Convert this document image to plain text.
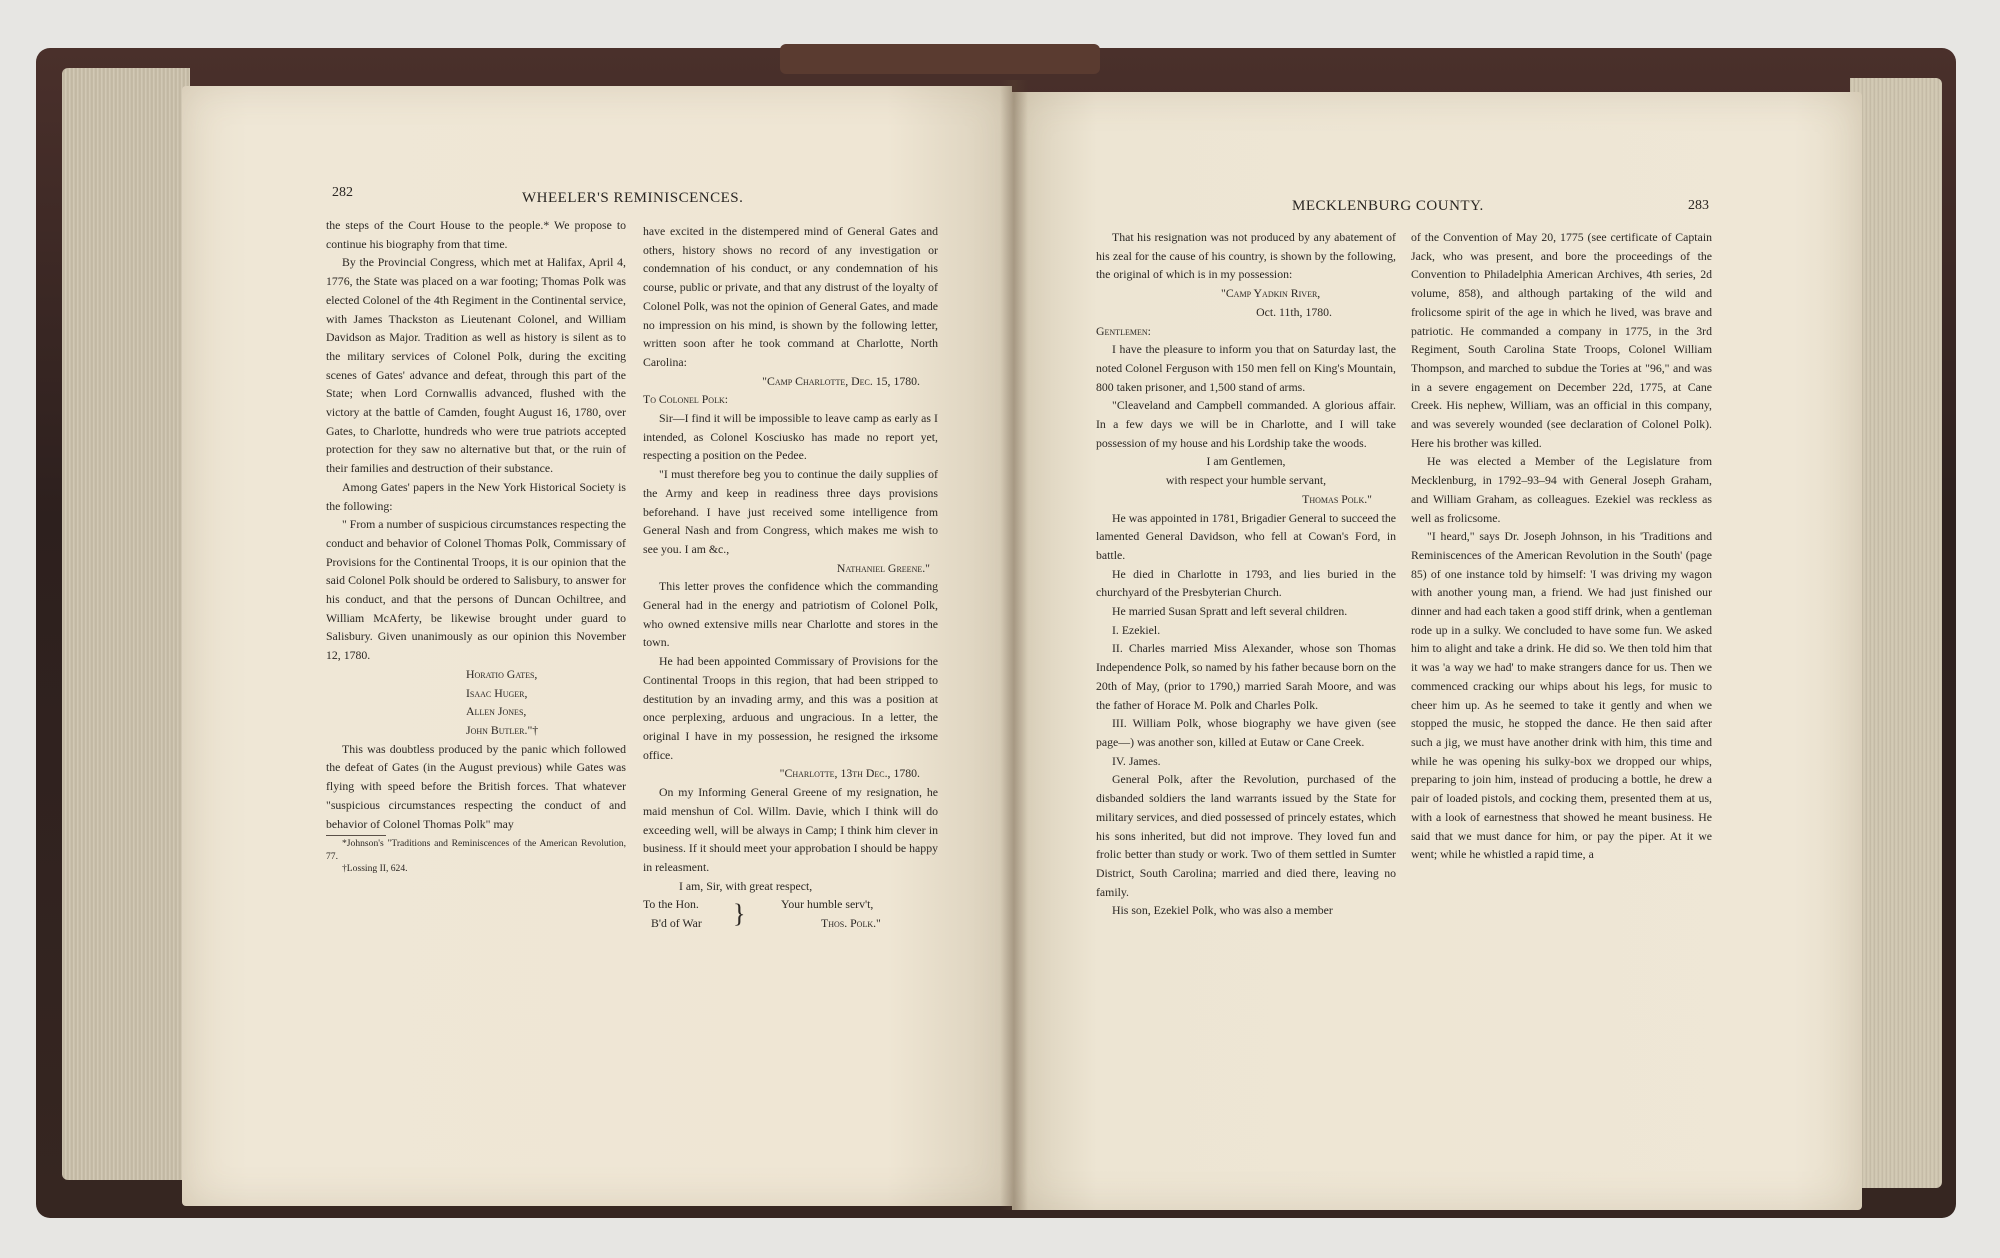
282	WHEELER'S REMINISCENCES.	283
MECKLENBURG COUNTY.

the steps of the Court House to the people.* We propose to continue his biography from that time.

By the Provincial Congress, which met at Halifax, April 4, 1776, the State was placed on a war footing; Thomas Polk was elected Colonel of the 4th Regiment in the Continental service, with James Thackston as Lieutenant Colonel, and William Davidson as Major. Tradition as well as history is silent as to the military services of Colonel Polk, during the exciting scenes of Gates' advance and defeat, through this part of the State; when Lord Cornwallis advanced, flushed with the victory at the battle of Camden, fought August 16, 1780, over Gates, to Charlotte, hundreds who were true patriots accepted protection for they saw no alternative but that, or the ruin of their families and destruction of their substance.

Among Gates' papers in the New York Historical Society is the following:

" From a number of suspicious circumstances respecting the conduct and behavior of Colonel Thomas Polk, Commissary of Provisions for the Continental Troops, it is our opinion that the said Colonel Polk should be ordered to Salisbury, to answer for his conduct, and that the persons of Duncan Ochiltree, and William McAferty, be likewise brought under guard to Salisbury. Given unanimously as our opinion this November 12, 1780.

Horatio Gates,

Isaac Huger,

Allen Jones,

John Butler."†

This was doubtless produced by the panic which followed the defeat of Gates (in the August previous) while Gates was flying with speed before the British forces. That whatever "suspicious circumstances respecting the conduct of and behavior of Colonel Thomas Polk" may

*Johnson's "Traditions and Reminiscences of the American Revolution, 77.

†Lossing II, 624.

have excited in the distempered mind of General Gates and others, history shows no record of any investigation or condemnation of his conduct, or any condemnation of his course, public or private, and that any distrust of the loyalty of Colonel Polk, was not the opinion of General Gates, and made no impression on his mind, is shown by the following letter, written soon after he took command at Charlotte, North Carolina:

"Camp Charlotte, Dec. 15, 1780.

To Colonel Polk:

Sir—I find it will be impossible to leave camp as early as I intended, as Colonel Kosciusko has made no report yet, respecting a position on the Pedee.

"I must therefore beg you to continue the daily supplies of the Army and keep in readiness three days provisions beforehand. I have just received some intelligence from General Nash and from Congress, which makes me wish to see you. I am &c.,

Nathaniel Greene."

This letter proves the confidence which the commanding General had in the energy and patriotism of Colonel Polk, who owned extensive mills near Charlotte and stores in the town.

He had been appointed Commissary of Provisions for the Continental Troops in this region, that had been stripped to destitution by an invading army, and this was a position at once perplexing, arduous and ungracious. In a letter, the original I have in my possession, he resigned the irksome office.

"Charlotte, 13th Dec., 1780.

On my Informing General Greene of my resignation, he maid menshun of Col. Willm. Davie, which I think will do exceeding well, will be always in Camp; I think him clever in business. If it should meet your approbation I should be happy in releasment.

I am, Sir, with great respect,

To the Hon.
B'd of War	}	Your humble serv't,
Thos. Polk."

That his resignation was not produced by any abatement of his zeal for the cause of his country, is shown by the following, the original of which is in my possession:

"Camp Yadkin River,

Oct. 11th, 1780.

Gentlemen:

I have the pleasure to inform you that on Saturday last, the noted Colonel Ferguson with 150 men fell on King's Mountain, 800 taken prisoner, and 1,500 stand of arms.

"Cleaveland and Campbell commanded. A glorious affair. In a few days we will be in Charlotte, and I will take possession of my house and his Lordship take the woods.

I am Gentlemen,

with respect your humble servant,

Thomas Polk."

He was appointed in 1781, Brigadier General to succeed the lamented General Davidson, who fell at Cowan's Ford, in battle.

He died in Charlotte in 1793, and lies buried in the churchyard of the Presbyterian Church.

He married Susan Spratt and left several children.

I. Ezekiel.

II. Charles married Miss Alexander, whose son Thomas Independence Polk, so named by his father because born on the 20th of May, (prior to 1790,) married Sarah Moore, and was the father of Horace M. Polk and Charles Polk.

III. William Polk, whose biography we have given (see page—) was another son, killed at Eutaw or Cane Creek.

IV. James.

General Polk, after the Revolution, purchased of the disbanded soldiers the land warrants issued by the State for military services, and died possessed of princely estates, which his sons inherited, but did not improve. They loved fun and frolic better than study or work. Two of them settled in Sumter District, South Carolina; married and died there, leaving no family.

His son, Ezekiel Polk, who was also a member

of the Convention of May 20, 1775 (see certificate of Captain Jack, who was present, and bore the proceedings of the Convention to Philadelphia American Archives, 4th series, 2d volume, 858), and although partaking of the wild and frolicsome spirit of the age in which he lived, was brave and patriotic. He commanded a company in 1775, in the 3rd Regiment, South Carolina State Troops, Colonel William Thompson, and marched to subdue the Tories at "96," and was in a severe engagement on December 22d, 1775, at Cane Creek. His nephew, William, was an official in this company, and was severely wounded (see declaration of Colonel Polk). Here his brother was killed.

He was elected a Member of the Legislature from Mecklenburg, in 1792–93–94 with General Joseph Graham, and William Graham, as colleagues. Ezekiel was reckless as well as frolicsome.

"I heard," says Dr. Joseph Johnson, in his 'Traditions and Reminiscences of the American Revolution in the South' (page 85) of one instance told by himself: 'I was driving my wagon with another young man, a friend. We had just finished our dinner and had each taken a good stiff drink, when a gentleman rode up in a sulky. We concluded to have some fun. We asked him to alight and take a drink. He did so. We then told him that it was 'a way we had' to make strangers dance for us. Then we commenced cracking our whips about his legs, for music to cheer him up. As he seemed to take it gently and when we stopped the music, he stopped the dance. He then said after such a jig, we must have another drink with him, this time and while he was opening his sulky-box we dropped our whips, preparing to join him, instead of producing a bottle, he drew a pair of loaded pistols, and cocking them, presented them at us, with a look of earnestness that showed he meant business. He said that we must dance for him, or pay the piper. At it we went; while he whistled a rapid time, a
